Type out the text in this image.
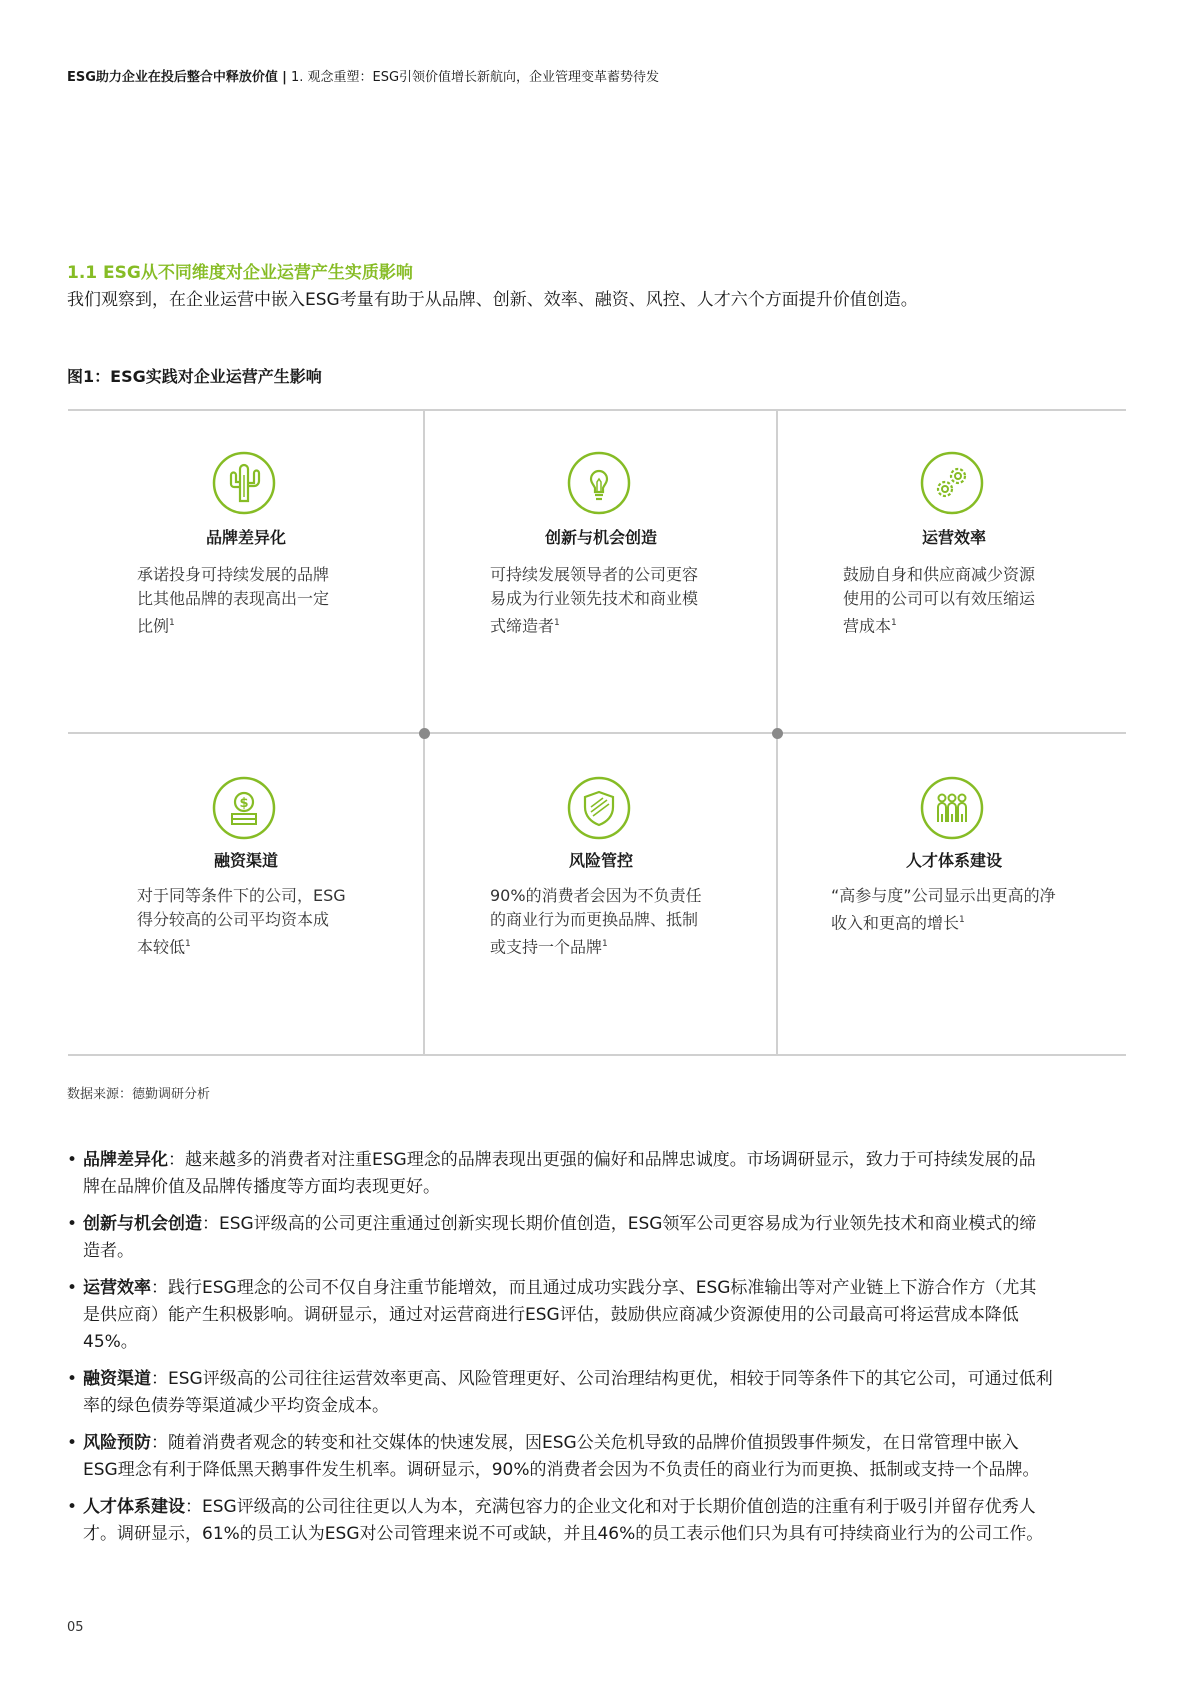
ESG助力企业在投后整合中释放价值 | 1. 观念重塑：ESG引领价值增长新航向，企业管理变革蓄势待发
1.1 ESG从不同维度对企业运营产生实质影响
我们观察到，在企业运营中嵌入ESG考量有助于从品牌、创新、效率、融资、风控、人才六个方面提升价值创造。
图1：ESG实践对企业运营产生影响
品牌差异化
承诺投身可持续发展的品牌
比其他品牌的表现高出一定
比例$^1$
创新与机会创造
可持续发展领导者的公司更容
易成为行业领先技术和商业模
式缔造者$^1$
运营效率
鼓励自身和供应商减少资源
使用的公司可以有效压缩运
营成本$^1$
$
融资渠道
对于同等条件下的公司，ESG
得分较高的公司平均资本成
本较低$^1$
风险管控
90%的消费者会因为不负责任
的商业行为而更换品牌、抵制
或支持一个品牌$^1$
人才体系建设
“高参与度”公司显示出更高的净
收入和更高的增长$^1$
数据来源：德勤调研分析
• 品牌差异化：越来越多的消费者对注重ESG理念的品牌表现出更强的偏好和品牌忠诚度。市场调研显示，致力于可持续发展的品
牌在品牌价值及品牌传播度等方面均表现更好。
• 创新与机会创造：ESG评级高的公司更注重通过创新实现长期价值创造，ESG领军公司更容易成为行业领先技术和商业模式的缔
造者。
• 运营效率：践行ESG理念的公司不仅自身注重节能增效，而且通过成功实践分享、ESG标准输出等对产业链上下游合作方（尤其
是供应商）能产生积极影响。调研显示，通过对运营商进行ESG评估，鼓励供应商减少资源使用的公司最高可将运营成本降低
45%。
• 融资渠道：ESG评级高的公司往往运营效率更高、风险管理更好、公司治理结构更优，相较于同等条件下的其它公司，可通过低利
率的绿色债券等渠道减少平均资金成本。
• 风险预防：随着消费者观念的转变和社交媒体的快速发展，因ESG公关危机导致的品牌价值损毁事件频发，在日常管理中嵌入
ESG理念有利于降低黑天鹅事件发生机率。调研显示，90%的消费者会因为不负责任的商业行为而更换、抵制或支持一个品牌。
• 人才体系建设：ESG评级高的公司往往更以人为本，充满包容力的企业文化和对于长期价值创造的注重有利于吸引并留存优秀人
才。调研显示，61%的员工认为ESG对公司管理来说不可或缺，并且46%的员工表示他们只为具有可持续商业行为的公司工作。
05
